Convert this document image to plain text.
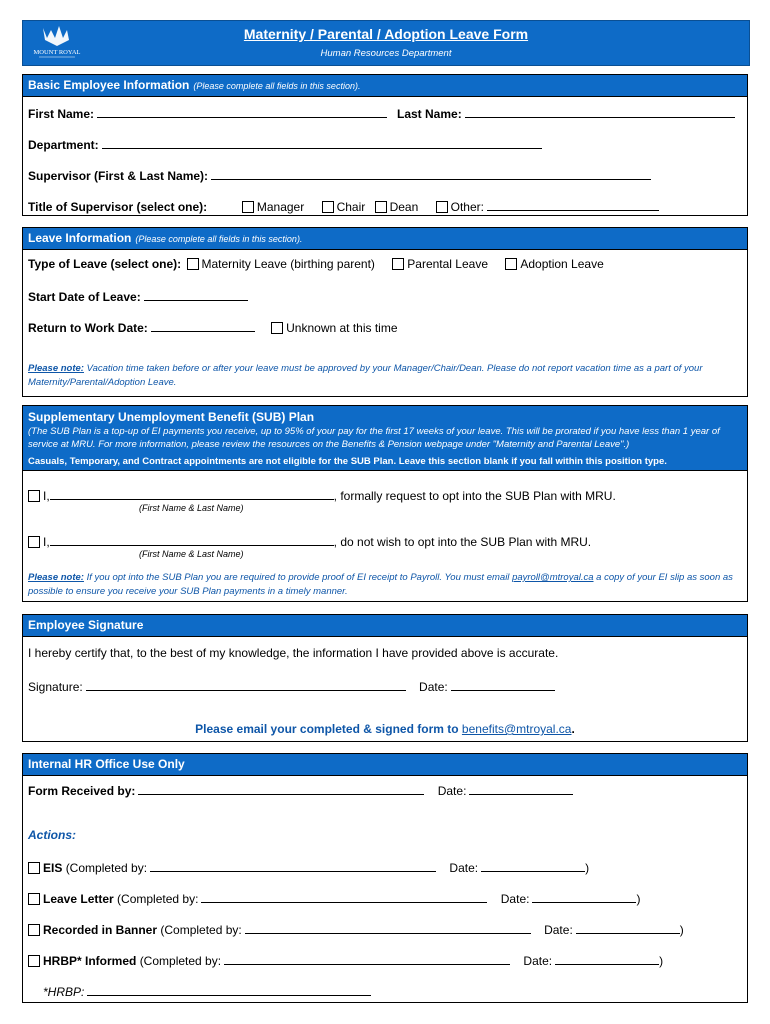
MOUNT ROYAL
Maternity / Parental / Adoption Leave Form
Human Resources Department
Basic Employee Information (Please complete all fields in this section).
First Name:	Last Name:
Department:
Supervisor (First & Last Name):
Title of Supervisor (select one):	Manager	Chair Dean	Other:
Leave Information (Please complete all fields in this section).
Type of Leave (select one): Maternity Leave (birthing parent)	Parental Leave	Adoption Leave
Start Date of Leave:
Return to Work Date:	Unknown at this time
Please note: Vacation time taken before or after your leave must be approved by your Manager/Chair/Dean. Please do not report vacation time as a part of your Maternity/Parental/Adoption Leave.
Supplementary Unemployment Benefit (SUB) Plan
(The SUB Plan is a top-up of EI payments you receive, up to 95% of your pay for the first 17 weeks of your leave. This will be prorated if you have less than 1 year of service at MRU. For more information, please review the resources on the Benefits & Pension webpage under "Maternity and Parental Leave".)
Casuals, Temporary, and Contract appointments are not eligible for the SUB Plan. Leave this section blank if you fall within this position type.
I,	, formally request to opt into the SUB Plan with MRU.
(First Name & Last Name)
I,	, do not wish to opt into the SUB Plan with MRU.
(First Name & Last Name)
Please note: If you opt into the SUB Plan you are required to provide proof of EI receipt to Payroll. You must email payroll@mtroyal.ca a copy of your EI slip as soon as possible to ensure you receive your SUB Plan payments in a timely manner.
Employee Signature
I hereby certify that, to the best of my knowledge, the information I have provided above is accurate.
Signature:	Date:
Please email your completed & signed form to benefits@mtroyal.ca.
Internal HR Office Use Only
Form Received by:	Date:
Actions:
EIS (Completed by:	Date:	)
Leave Letter (Completed by:	Date:	)
Recorded in Banner (Completed by:	Date:	)
HRBP* Informed (Completed by:	Date:	)
*HRBP:
